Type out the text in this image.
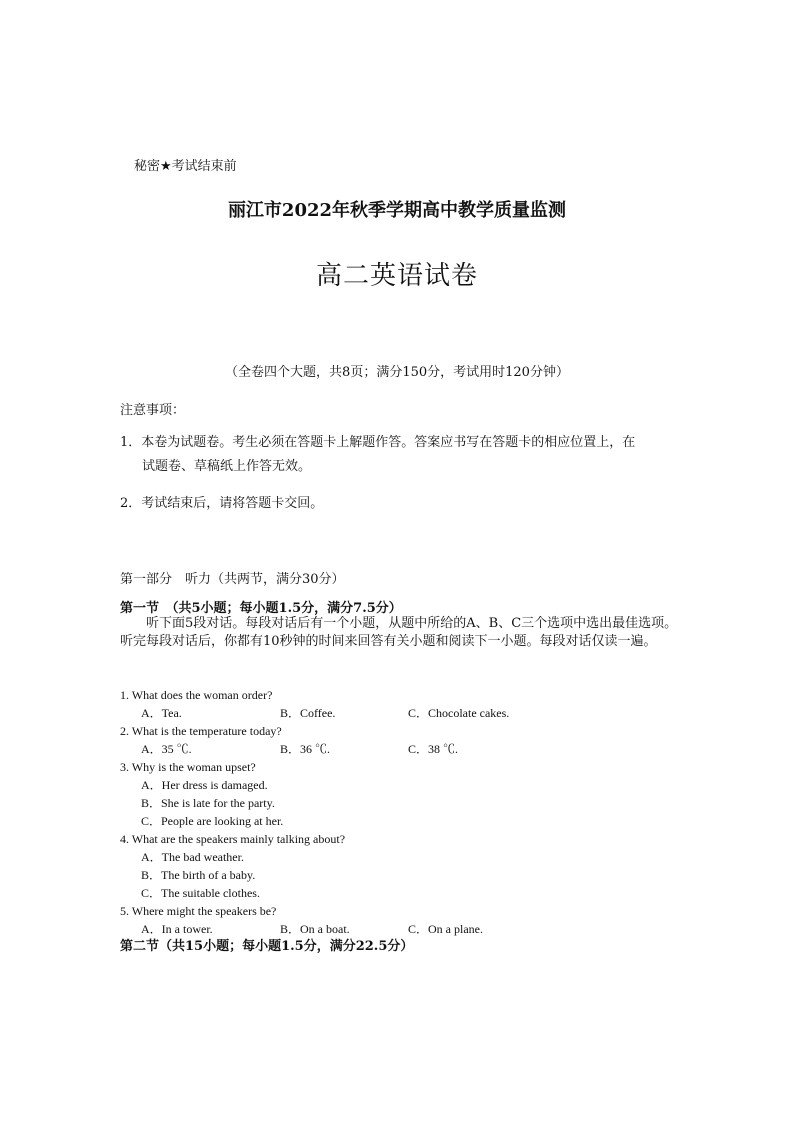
秘密★考试结束前
丽江市2022年秋季学期高中教学质量监测
高二英语试卷
（全卷四个大题，共8页；满分150分，考试用时120分钟）
注意事项：
1．本卷为试题卷。考生必须在答题卡上解题作答。答案应书写在答题卡的相应位置上，在
试题卷、草稿纸上作答无效。
2．考试结束后，请将答题卡交回。
第一部分　听力（共两节，满分30分）
第一节　（共5小题；每小题1.5分，满分7.5分）
听下面5段对话。每段对话后有一个小题，从题中所给的A、B、C三个选项中选出最佳选项。听完每段对话后，你都有10秒钟的时间来回答有关小题和阅读下一小题。每段对话仅读一遍。
1. What does the woman order?
A．Tea.	B．Coffee.	C．Chocolate cakes.
2. What is the temperature today?
A．35 ℃.	B．36 ℃.	C．38 ℃.
3. Why is the woman upset?
A．Her dress is damaged.
B．She is late for the party.
C．People are looking at her.
4. What are the speakers mainly talking about?
A．The bad weather.
B．The birth of a baby.
C．The suitable clothes.
5. Where might the speakers be?
A．In a tower.	B．On a boat.	C．On a plane.
第二节（共15小题；每小题1.5分，满分22.5分）
